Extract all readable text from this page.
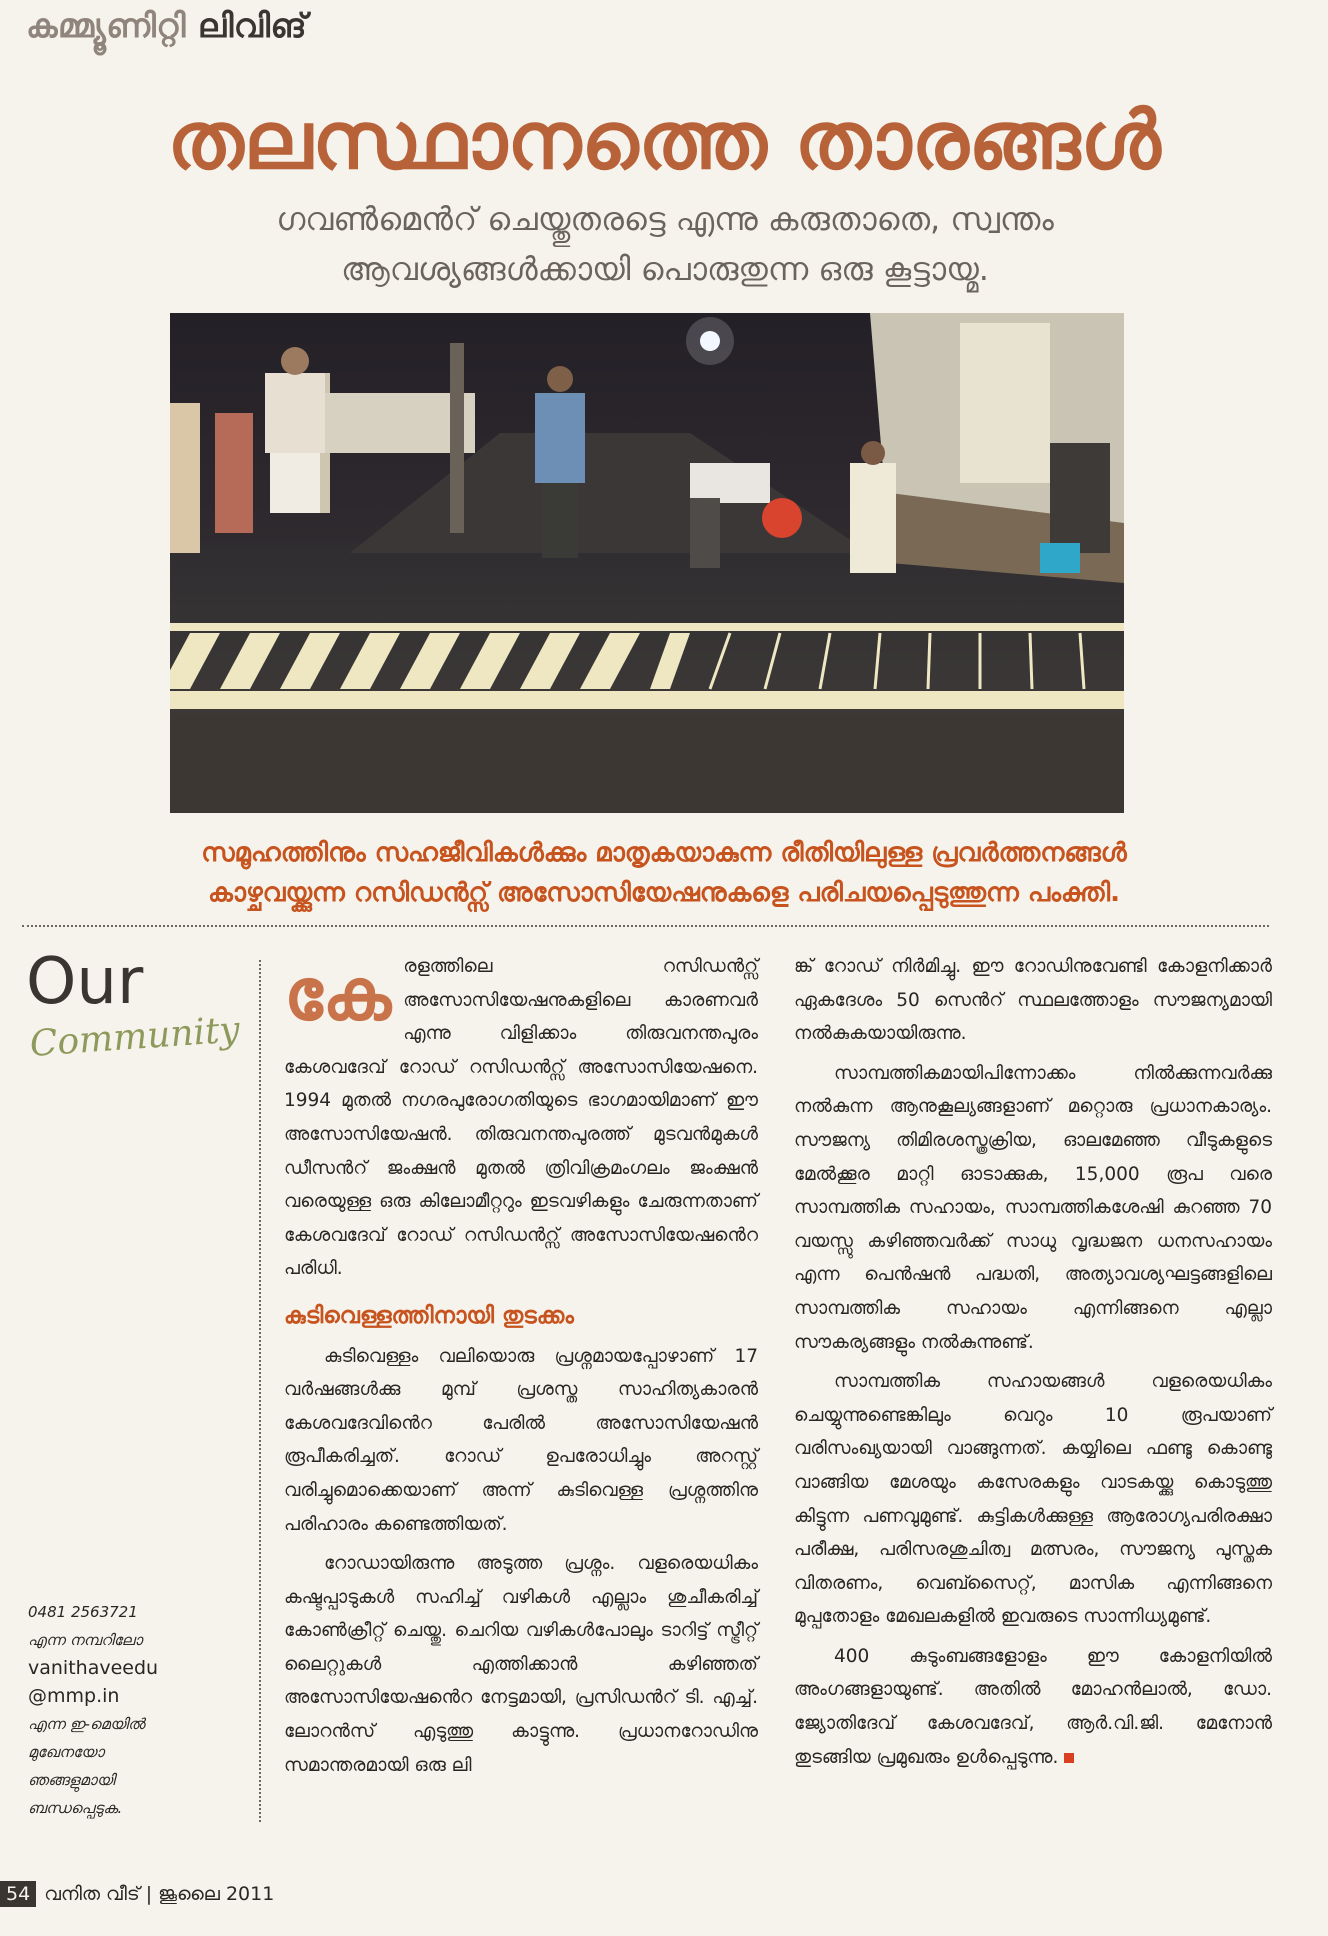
കമ്മ്യൂണിറ്റി ലിവിങ്
തലസ്ഥാനത്തെ താരങ്ങൾ
ഗവൺമെൻറ് ചെയ്തുതരട്ടെ എന്നു കരുതാതെ, സ്വന്തം
ആവശ്യങ്ങൾക്കായി പൊരുതുന്ന ഒരു കൂട്ടായ്മ.
സമൂഹത്തിനും സഹജീവികൾക്കും മാതൃകയാകുന്ന രീതിയിലുള്ള പ്രവർത്തനങ്ങൾ
കാഴ്ചവയ്ക്കുന്ന റസിഡൻറ്സ് അസോസിയേഷനുകളെ പരിചയപ്പെടുത്തുന്ന പംക്തി.
Our
Community
0481 2563721
എന്ന നമ്പറിലോ
vanithaveedu
@mmp.in
എന്ന ഇ-മെയിൽ
മുഖേനയോ
ഞങ്ങളുമായി
ബന്ധപ്പെടുക.

കേരളത്തിലെ റസിഡൻറ്സ് അസോസിയേഷനുകളിലെ കാരണവർ എന്നു വിളിക്കാം തിരുവനന്തപുരം കേശവദേവ് റോഡ് റസിഡൻറ്സ് അസോസിയേഷനെ. 1994 മുതൽ നഗരപുരോഗതിയുടെ ഭാഗമായിമാണ് ഈ അസോസിയേഷൻ. തിരുവനന്തപുരത്ത് മുടവൻമുകൾ ഡീസൻറ് ജംക്ഷൻ മുതൽ ത്രിവിക്രമംഗലം ജംക്ഷൻ വരെയുള്ള ഒരു കിലോമീറ്ററും ഇടവഴികളും ചേരുന്നതാണ് കേശവദേവ് റോഡ് റസിഡൻറ്സ് അസോസിയേഷൻെറ പരിധി.

കുടിവെള്ളത്തിനായി തുടക്കം

കുടിവെള്ളം വലിയൊരു പ്രശ്നമായപ്പോഴാണ് 17 വർഷങ്ങൾക്കു മുമ്പ് പ്രശസ്ത സാഹിത്യകാരൻ കേശവദേവിൻെറ പേരിൽ അസോസിയേഷൻ രൂപീകരിച്ചത്. റോഡ് ഉപരോധിച്ചും അറസ്റ്റ് വരിച്ചുമൊക്കെയാണ് അന്ന് കുടിവെള്ള പ്രശ്നത്തിനു പരിഹാരം കണ്ടെത്തിയത്.

റോഡായിരുന്നു അടുത്ത പ്രശ്നം. വളരെയധികം കഷ്ടപ്പാടുകൾ സഹിച്ച് വഴികൾ എല്ലാം ശുചീകരിച്ച് കോൺക്രീറ്റ് ചെയ്തു. ചെറിയ വഴികൾപോലും ടാറിട്ട് സ്ട്രീറ്റ് ലൈറ്റുകൾ എത്തിക്കാൻ കഴിഞ്ഞത് അസോസിയേഷൻെറ നേട്ടമായി, പ്രസിഡൻറ് ടി. എച്ച്. ലോറൻസ് എടുത്തു കാട്ടുന്നു. പ്രധാനറോഡിനു സമാന്തരമായി ഒരു ലി

ങ്ക് റോഡ് നിർമിച്ചു. ഈ റോഡിനുവേണ്ടി കോളനിക്കാർ ഏകദേശം 50 സെൻറ് സ്ഥലത്തോളം സൗജന്യമായി നൽകുകയായിരുന്നു.

സാമ്പത്തികമായിപിന്നോക്കം നിൽക്കുന്നവർക്കു നൽകുന്ന ആനുകൂല്യങ്ങളാണ് മറ്റൊരു പ്രധാനകാര്യം. സൗജന്യ തിമിരശസ്ത്രക്രിയ, ഓലമേഞ്ഞ വീടുകളുടെ മേൽക്കൂര മാറ്റി ഓടാക്കുക, 15,000 രൂപ വരെ സാമ്പത്തിക സഹായം, സാമ്പത്തികശേഷി കുറഞ്ഞ 70 വയസ്സു കഴിഞ്ഞവർക്ക് സാധു വൃദ്ധജന ധനസഹായം എന്ന പെൻഷൻ പദ്ധതി, അത്യാവശ്യഘട്ടങ്ങളിലെ സാമ്പത്തിക സഹായം എന്നിങ്ങനെ എല്ലാ സൗകര്യങ്ങളും നൽകുന്നുണ്ട്.

സാമ്പത്തിക സഹായങ്ങൾ വളരെയധികം ചെയ്യുന്നുണ്ടെങ്കിലും വെറും 10 രൂപയാണ് വരിസംഖ്യയായി വാങ്ങുന്നത്. കയ്യിലെ ഫണ്ടു കൊണ്ടു വാങ്ങിയ മേശയും കസേരകളും വാടകയ്ക്കു കൊടുത്തു കിട്ടുന്ന പണവുമുണ്ട്. കുട്ടികൾക്കുള്ള ആരോഗ്യപരിരക്ഷാ പരീക്ഷ, പരിസരശുചിത്വ മത്സരം, സൗജന്യ പുസ്തക വിതരണം, വെബ്സൈറ്റ്, മാസിക എന്നിങ്ങനെ മുപ്പതോളം മേഖലകളിൽ ഇവരുടെ സാന്നിധ്യമുണ്ട്.

400 കുടുംബങ്ങളോളം ഈ കോളനിയിൽ അംഗങ്ങളായുണ്ട്. അതിൽ മോഹൻലാൽ, ഡോ. ജ്യോതിദേവ് കേശവദേവ്, ആർ.വി.ജി. മേനോൻ തുടങ്ങിയ പ്രമുഖരും ഉൾപ്പെടുന്നു.

54 വനിത വീട് | ജൂലൈ 2011
